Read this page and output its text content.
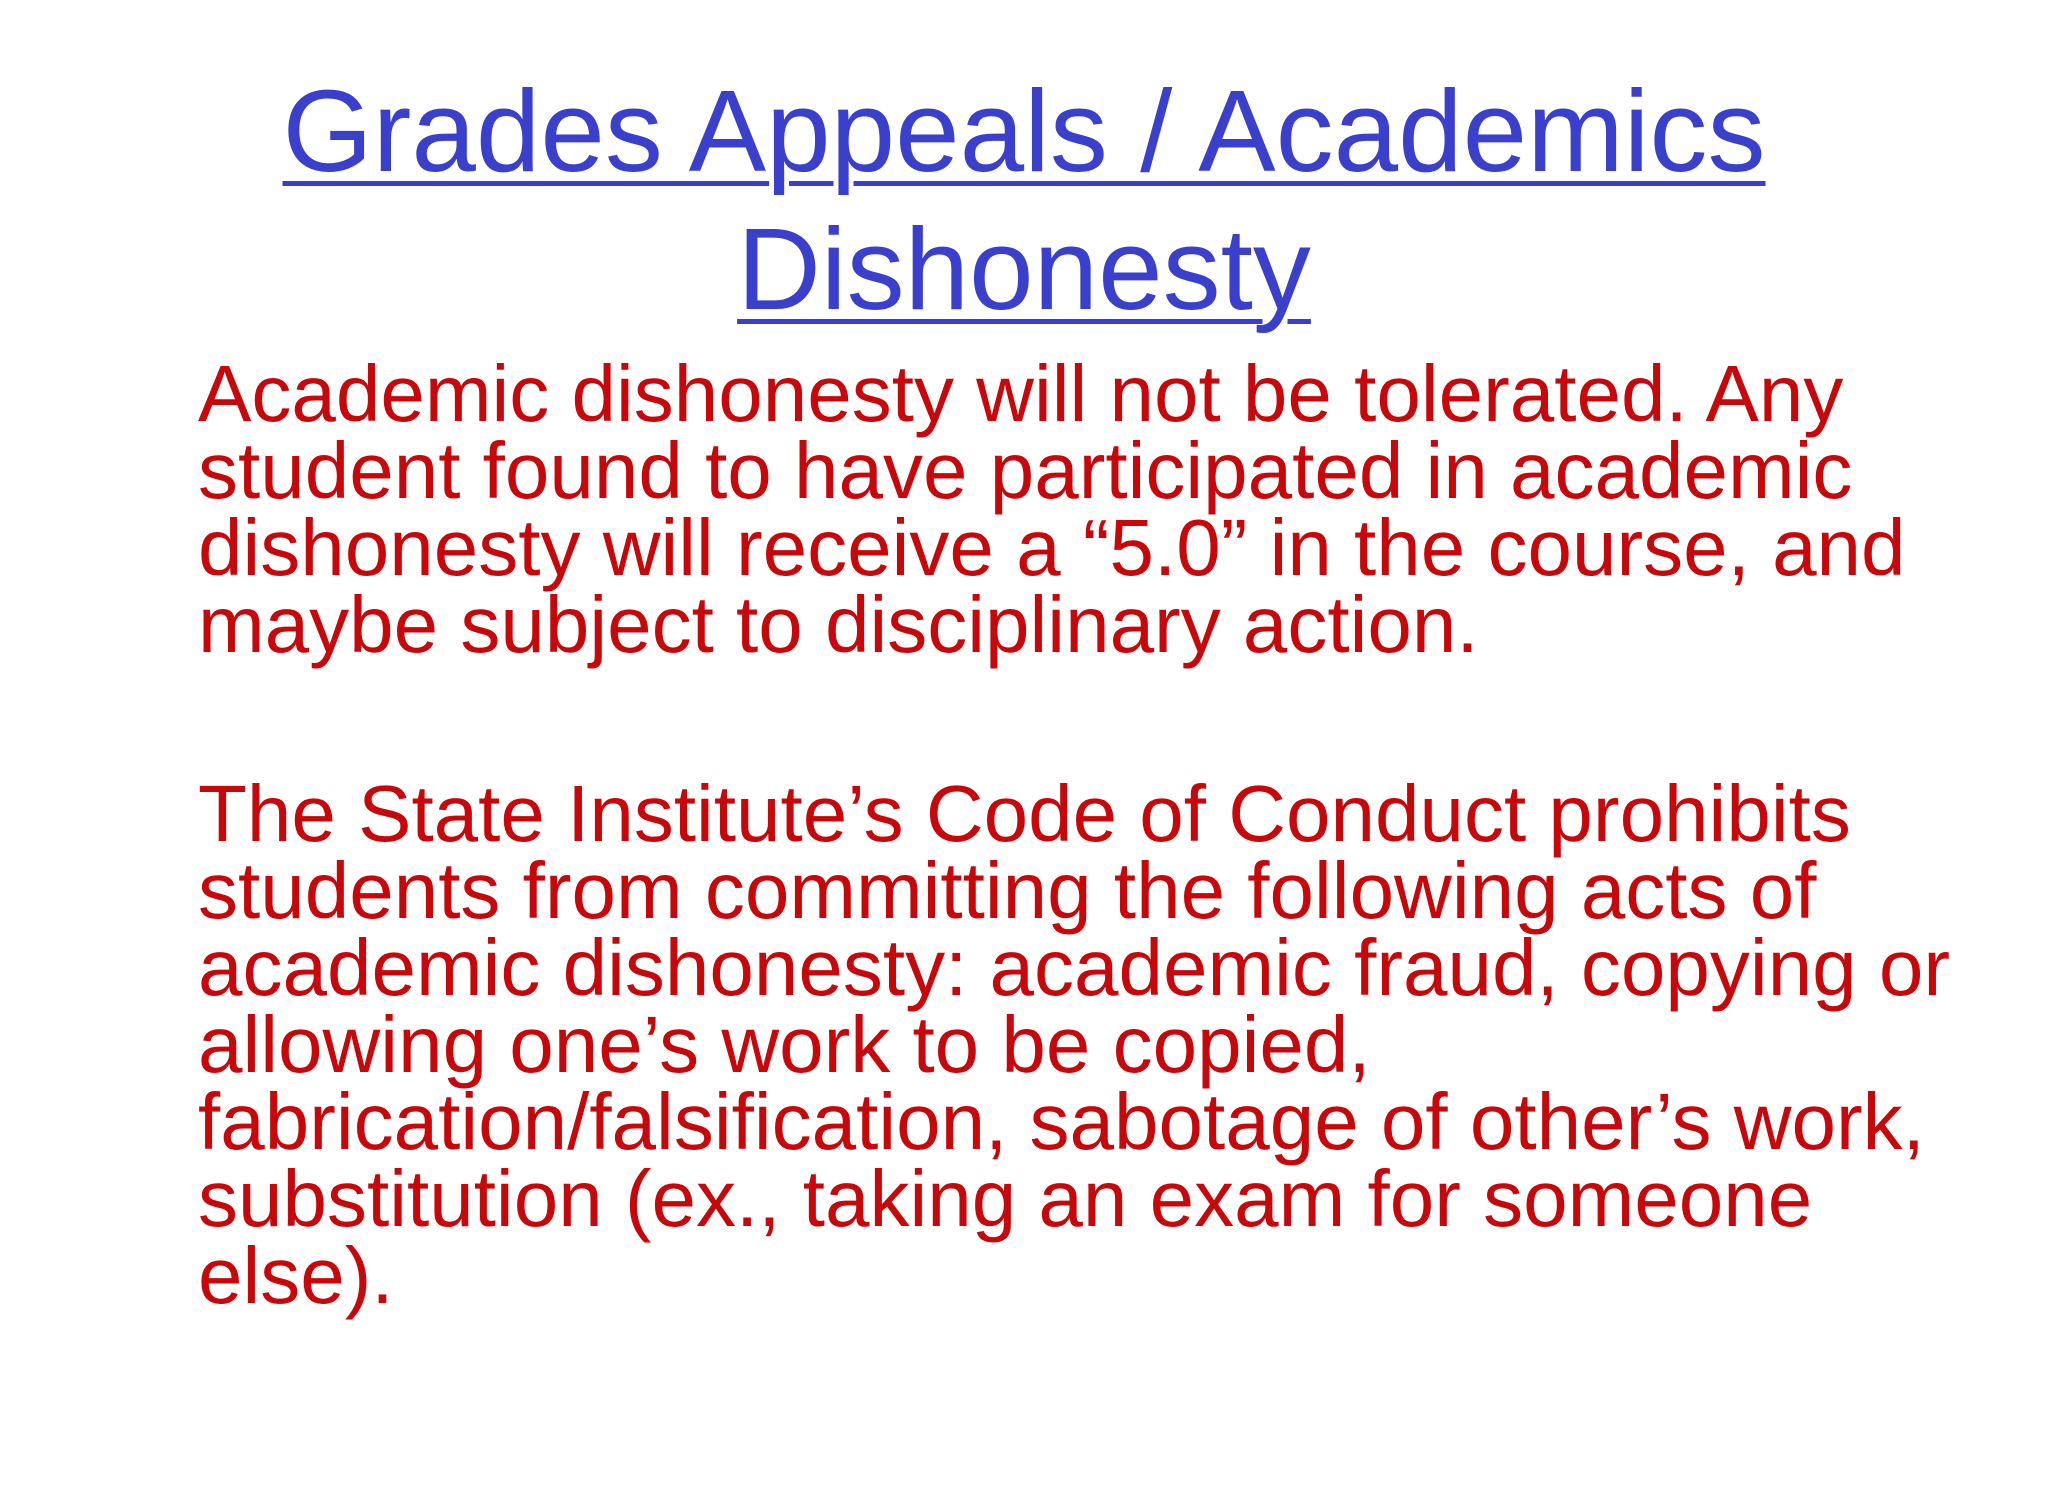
Grades Appeals / Academics
Dishonesty

Academic dishonesty will not be tolerated. Any student found to have participated in academic dishonesty will receive a “5.0” in the course, and maybe subject to disciplinary action.

The State Institute’s Code of Conduct prohibits students from committing the following acts of academic dishonesty: academic fraud, copying or allowing one’s work to be copied, fabrication/falsification, sabotage of other’s work, substitution (ex., taking an exam for someone else).
